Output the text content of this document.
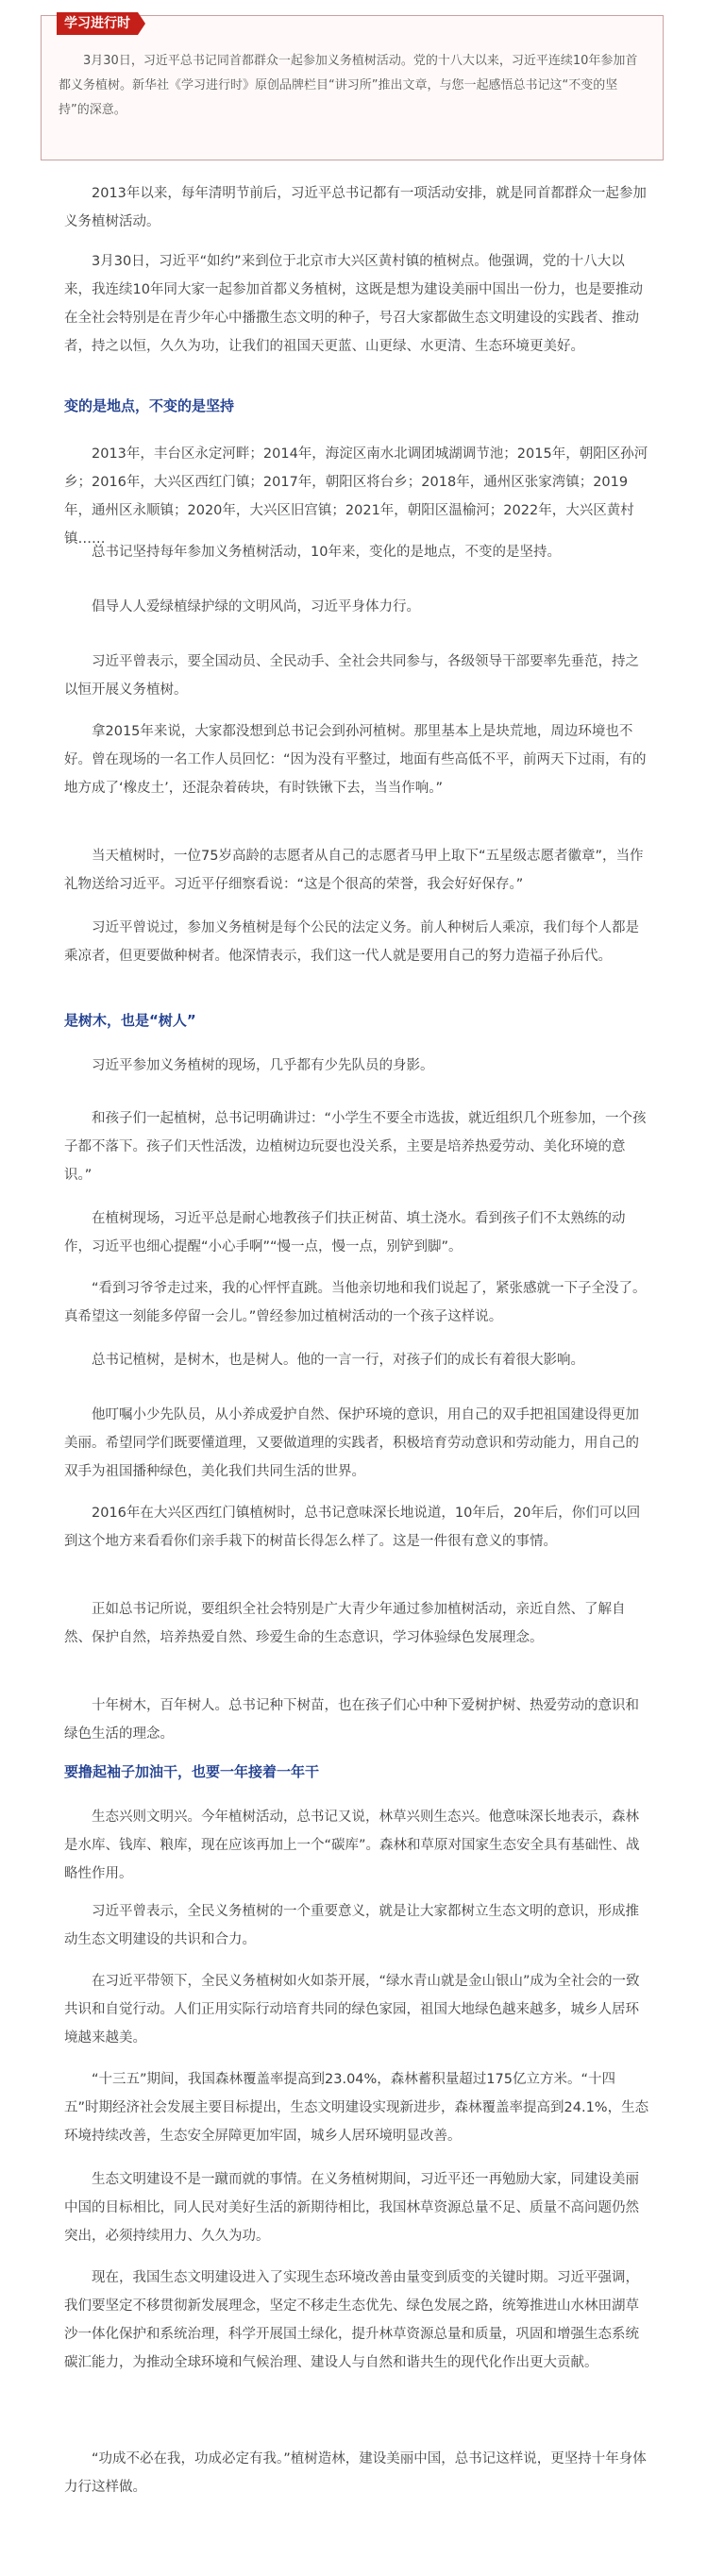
学习进行时
3月30日，习近平总书记同首都群众一起参加义务植树活动。党的十八大以来，习近平连续10年参加首都义务植树。新华社《学习进行时》原创品牌栏目“讲习所”推出文章，与您一起感悟总书记这“不变的坚持”的深意。

2013年以来，每年清明节前后，习近平总书记都有一项活动安排，就是同首都群众一起参加义务植树活动。

3月30日，习近平“如约”来到位于北京市大兴区黄村镇的植树点。他强调，党的十八大以来，我连续10年同大家一起参加首都义务植树，这既是想为建设美丽中国出一份力，也是要推动在全社会特别是在青少年心中播撒生态文明的种子，号召大家都做生态文明建设的实践者、推动者，持之以恒，久久为功，让我们的祖国天更蓝、山更绿、水更清、生态环境更美好。

变的是地点，不变的是坚持

2013年，丰台区永定河畔；2014年，海淀区南水北调团城湖调节池；2015年，朝阳区孙河乡；2016年，大兴区西红门镇；2017年，朝阳区将台乡；2018年，通州区张家湾镇；2019年，通州区永顺镇；2020年，大兴区旧宫镇；2021年，朝阳区温榆河；2022年，大兴区黄村镇……

总书记坚持每年参加义务植树活动，10年来，变化的是地点，不变的是坚持。

倡导人人爱绿植绿护绿的文明风尚，习近平身体力行。

习近平曾表示，要全国动员、全民动手、全社会共同参与，各级领导干部要率先垂范，持之以恒开展义务植树。

拿2015年来说，大家都没想到总书记会到孙河植树。那里基本上是块荒地，周边环境也不好。曾在现场的一名工作人员回忆：“因为没有平整过，地面有些高低不平，前两天下过雨，有的地方成了‘橡皮土’，还混杂着砖块，有时铁锹下去，当当作响。”

当天植树时，一位75岁高龄的志愿者从自己的志愿者马甲上取下“五星级志愿者徽章”，当作礼物送给习近平。习近平仔细察看说：“这是个很高的荣誉，我会好好保存。”

习近平曾说过，参加义务植树是每个公民的法定义务。前人种树后人乘凉，我们每个人都是乘凉者，但更要做种树者。他深情表示，我们这一代人就是要用自己的努力造福子孙后代。

是树木，也是“树人”

习近平参加义务植树的现场，几乎都有少先队员的身影。

和孩子们一起植树，总书记明确讲过：“小学生不要全市选拔，就近组织几个班参加，一个孩子都不落下。孩子们天性活泼，边植树边玩耍也没关系，主要是培养热爱劳动、美化环境的意识。”

在植树现场，习近平总是耐心地教孩子们扶正树苗、填土浇水。看到孩子们不太熟练的动作，习近平也细心提醒“小心手啊”“慢一点，慢一点，别铲到脚”。

“看到习爷爷走过来，我的心怦怦直跳。当他亲切地和我们说起了，紧张感就一下子全没了。真希望这一刻能多停留一会儿。”曾经参加过植树活动的一个孩子这样说。

总书记植树，是树木，也是树人。他的一言一行，对孩子们的成长有着很大影响。

他叮嘱小少先队员，从小养成爱护自然、保护环境的意识，用自己的双手把祖国建设得更加美丽。希望同学们既要懂道理，又要做道理的实践者，积极培育劳动意识和劳动能力，用自己的双手为祖国播种绿色，美化我们共同生活的世界。

2016年在大兴区西红门镇植树时，总书记意味深长地说道，10年后，20年后，你们可以回到这个地方来看看你们亲手栽下的树苗长得怎么样了。这是一件很有意义的事情。

正如总书记所说，要组织全社会特别是广大青少年通过参加植树活动，亲近自然、了解自然、保护自然，培养热爱自然、珍爱生命的生态意识，学习体验绿色发展理念。

十年树木，百年树人。总书记种下树苗，也在孩子们心中种下爱树护树、热爱劳动的意识和绿色生活的理念。

要撸起袖子加油干，也要一年接着一年干

生态兴则文明兴。今年植树活动，总书记又说，林草兴则生态兴。他意味深长地表示，森林是水库、钱库、粮库，现在应该再加上一个“碳库”。森林和草原对国家生态安全具有基础性、战略性作用。

习近平曾表示，全民义务植树的一个重要意义，就是让大家都树立生态文明的意识，形成推动生态文明建设的共识和合力。

在习近平带领下，全民义务植树如火如荼开展，“绿水青山就是金山银山”成为全社会的一致共识和自觉行动。人们正用实际行动培育共同的绿色家园，祖国大地绿色越来越多，城乡人居环境越来越美。

“十三五”期间，我国森林覆盖率提高到23.04%，森林蓄积量超过175亿立方米。“十四五”时期经济社会发展主要目标提出，生态文明建设实现新进步，森林覆盖率提高到24.1%，生态环境持续改善，生态安全屏障更加牢固，城乡人居环境明显改善。

生态文明建设不是一蹴而就的事情。在义务植树期间，习近平还一再勉励大家，同建设美丽中国的目标相比，同人民对美好生活的新期待相比，我国林草资源总量不足、质量不高问题仍然突出，必须持续用力、久久为功。

现在，我国生态文明建设进入了实现生态环境改善由量变到质变的关键时期。习近平强调，我们要坚定不移贯彻新发展理念，坚定不移走生态优先、绿色发展之路，统筹推进山水林田湖草沙一体化保护和系统治理，科学开展国土绿化，提升林草资源总量和质量，巩固和增强生态系统碳汇能力，为推动全球环境和气候治理、建设人与自然和谐共生的现代化作出更大贡献。

“功成不必在我，功成必定有我。”植树造林，建设美丽中国，总书记这样说，更坚持十年身体力行这样做。
